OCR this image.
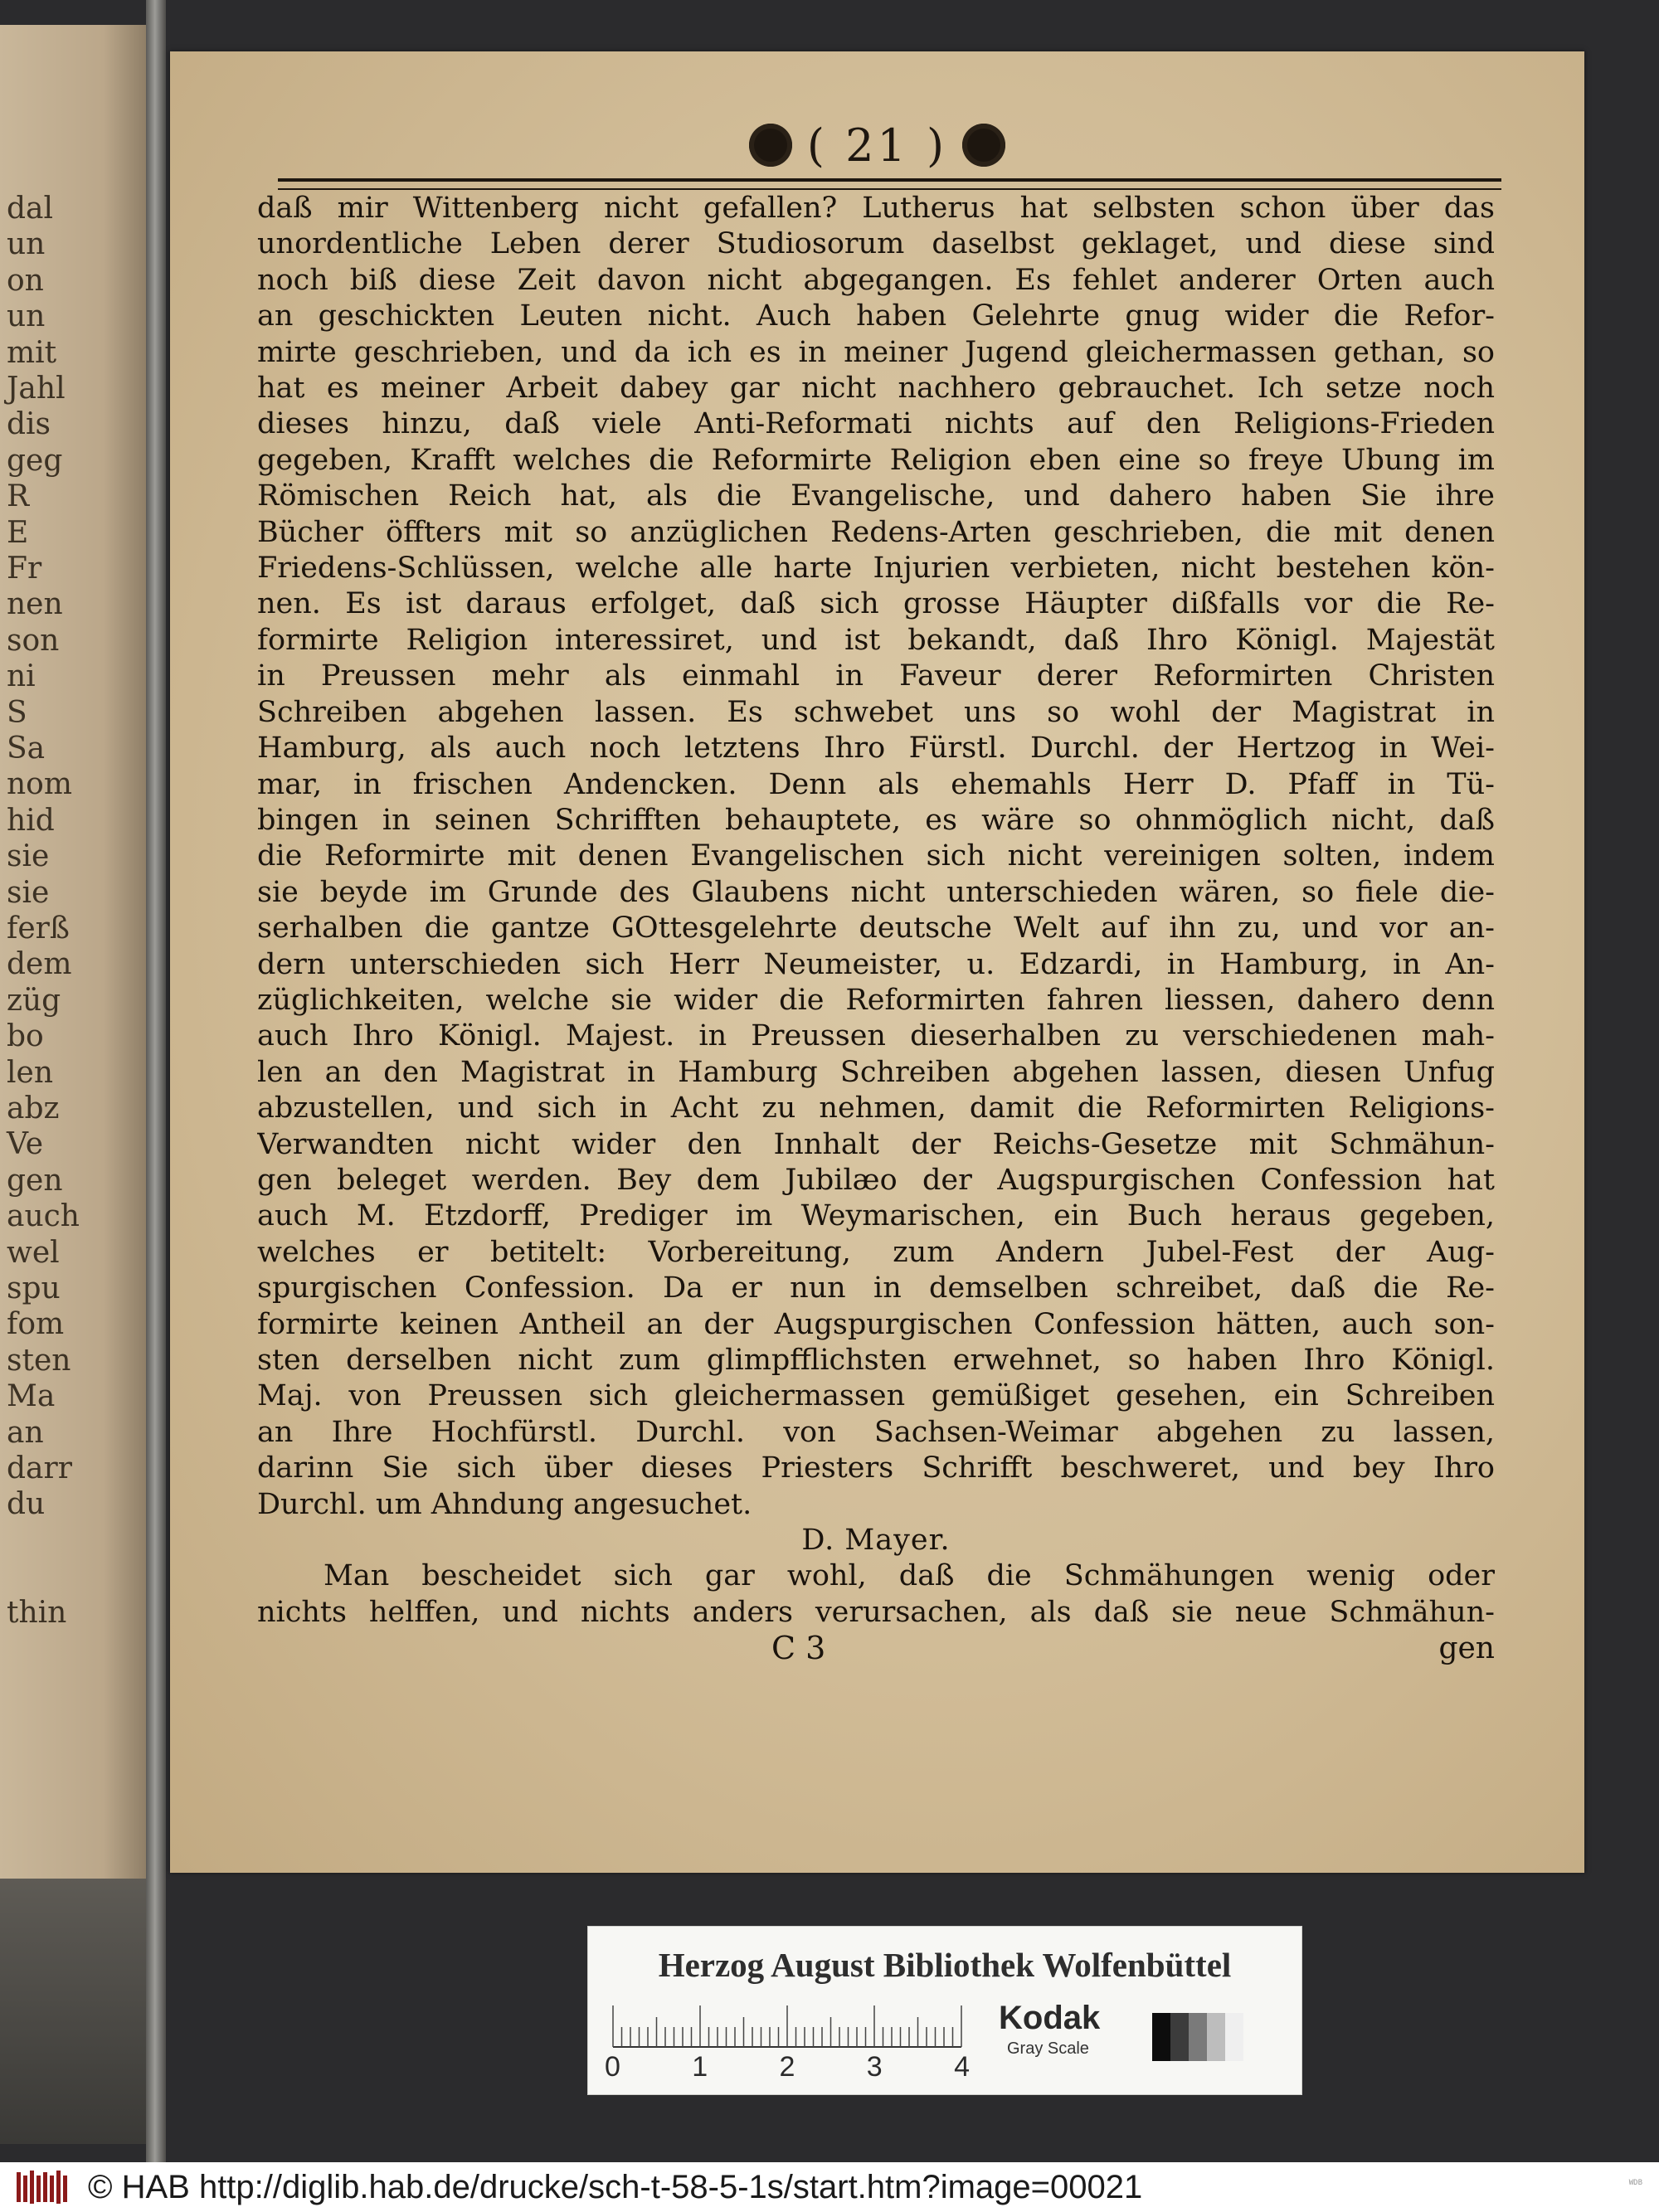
dal
un
on
un
mit
Jahl
dis
geg
R
E
Fr
nen
son
ni
S
Sa
nom
hid
sie
sie
ferß
dem
züg
bo
len
abz
Ve
gen
auch
wel
spu
fom
sten
Ma
an
darr
du
thin
( 21 )
daß mir Wittenberg nicht gefallen? Lutherus hat selbsten schon über das
unordentliche Leben derer Studiosorum daselbst geklaget, und diese sind
noch biß diese Zeit davon nicht abgegangen. Es fehlet anderer Orten auch
an geschickten Leuten nicht. Auch haben Gelehrte gnug wider die Refor-
mirte geschrieben, und da ich es in meiner Jugend gleichermassen gethan, so
hat es meiner Arbeit dabey gar nicht nachhero gebrauchet. Ich setze noch
dieses hinzu, daß viele Anti-Reformati nichts auf den Religions-Frieden
gegeben, Krafft welches die Reformirte Religion eben eine so freye Ubung im
Römischen Reich hat, als die Evangelische, und dahero haben Sie ihre
Bücher öffters mit so anzüglichen Redens-Arten geschrieben, die mit denen
Friedens-Schlüssen, welche alle harte Injurien verbieten, nicht bestehen kön-
nen. Es ist daraus erfolget, daß sich grosse Häupter dißfalls vor die Re-
formirte Religion interessiret, und ist bekandt, daß Ihro Königl. Majestät
in Preussen mehr als einmahl in Faveur derer Reformirten Christen
Schreiben abgehen lassen. Es schwebet uns so wohl der Magistrat in
Hamburg, als auch noch letztens Ihro Fürstl. Durchl. der Hertzog in Wei-
mar, in frischen Andencken. Denn als ehemahls Herr D. Pfaff in Tü-
bingen in seinen Schrifften behauptete, es wäre so ohnmöglich nicht, daß
die Reformirte mit denen Evangelischen sich nicht vereinigen solten, indem
sie beyde im Grunde des Glaubens nicht unterschieden wären, so fiele die-
serhalben die gantze GOttesgelehrte deutsche Welt auf ihn zu, und vor an-
dern unterschieden sich Herr Neumeister, u. Edzardi, in Hamburg, in An-
züglichkeiten, welche sie wider die Reformirten fahren liessen, dahero denn
auch Ihro Königl. Majest. in Preussen dieserhalben zu verschiedenen mah-
len an den Magistrat in Hamburg Schreiben abgehen lassen, diesen Unfug
abzustellen, und sich in Acht zu nehmen, damit die Reformirten Religions-
Verwandten nicht wider den Innhalt der Reichs-Gesetze mit Schmähun-
gen beleget werden. Bey dem Jubilæo der Augspurgischen Confession hat
auch M. Etzdorff, Prediger im Weymarischen, ein Buch heraus gegeben,
welches er betitelt: Vorbereitung, zum Andern Jubel-Fest der Aug-
spurgischen Confession. Da er nun in demselben schreibet, daß die Re-
formirte keinen Antheil an der Augspurgischen Confession hätten, auch son-
sten derselben nicht zum glimpfflichsten erwehnet, so haben Ihro Königl.
Maj. von Preussen sich gleichermassen gemüßiget gesehen, ein Schreiben
an Ihre Hochfürstl. Durchl. von Sachsen-Weimar abgehen zu lassen,
darinn Sie sich über dieses Priesters Schrifft beschweret, und bey Ihro
Durchl. um Ahndung angesuchet.
D. Mayer.
Man bescheidet sich gar wohl, daß die Schmähungen wenig oder
nichts helffen, und nichts anders verursachen, als daß sie neue Schmähun-
C 3	gen
Herzog August Bibliothek Wolfenbüttel
0	1	2	3	4
Kodak
Gray Scale
© HAB http://diglib.hab.de/drucke/sch-t-58-5-1s/start.htm?image=00021	WDB
